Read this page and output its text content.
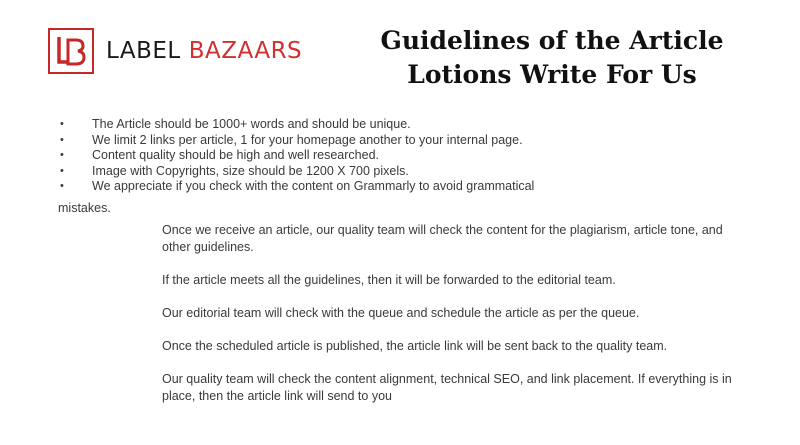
LABEL BAZAARS	Guidelines of the Article
Lotions Write For Us
• The Article should be 1000+ words and should be unique.
• We limit 2 links per article, 1 for your homepage another to your internal page.
• Content quality should be high and well researched.
• Image with Copyrights, size should be 1200 X 700 pixels.
• We appreciate if you check with the content on Grammarly to avoid grammatical
mistakes.

Once we receive an article, our quality team will check the content for the plagiarism, article tone, and other guidelines.

If the article meets all the guidelines, then it will be forwarded to the editorial team.

Our editorial team will check with the queue and schedule the article as per the queue.

Once the scheduled article is published, the article link will be sent back to the quality team.

Our quality team will check the content alignment, technical SEO, and link placement. If everything is in place, then the article link will send to you
